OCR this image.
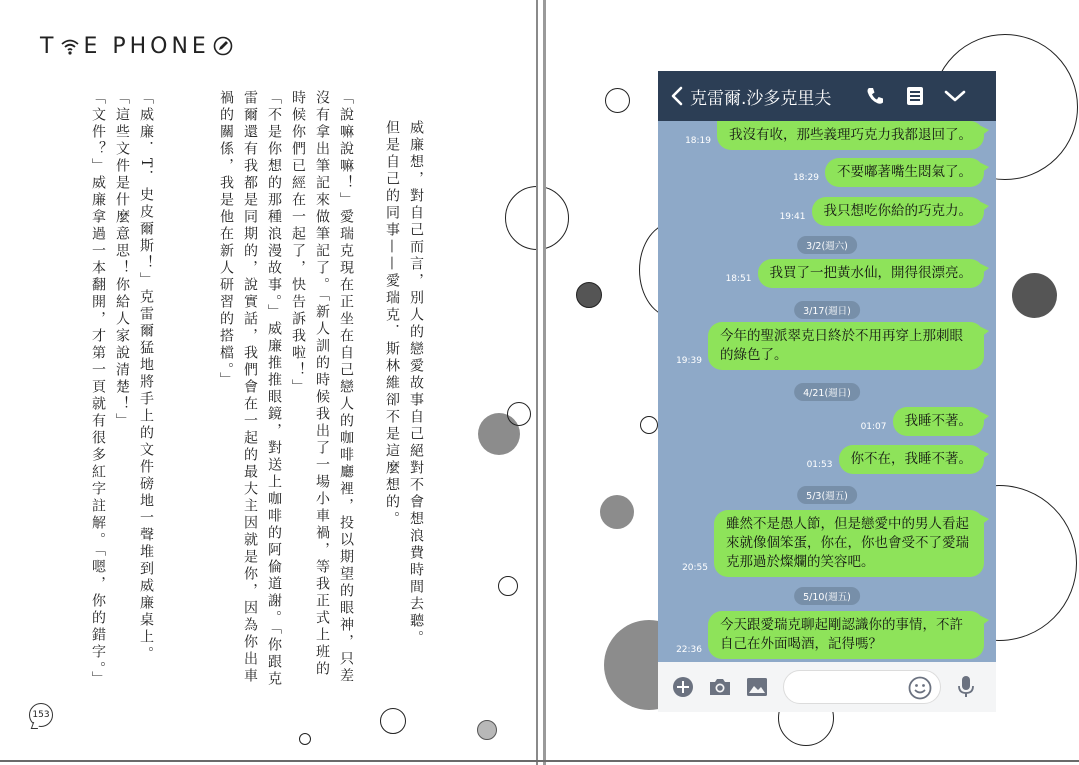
T E PHONE
威廉想，對自己而言，別人的戀愛故事自己絕對不會想浪費時間去聽。
但是自己的同事——愛瑞克．斯林維卻不是這麼想的。
「說嘛說嘛！」愛瑞克現在正坐在自己戀人的咖啡廳裡，投以期望的眼神，只差沒有拿出筆記來做筆記了。「新人訓的時候我出了一場小車禍，等我正式上班的時候你們已經在一起了，快告訴我啦！」
「不是你想的那種浪漫故事。」威廉推推眼鏡，對送上咖啡的阿倫道謝。「你跟克雷爾還有我都是同期的，說實話，我們會在一起的最大主因就是你，因為你出車禍的關係，我是他在新人研習的搭檔。」
「威廉．T．史皮爾斯！」克雷爾猛地將手上的文件磅地一聲堆到威廉桌上。「這些文件是什麼意思！你給人家說清楚！」
「文件？」威廉拿過一本翻開，才第一頁就有很多紅字註解。「嗯，你的錯字。」
153
克雷爾.沙多克里夫
18:19	我沒有收，那些義理巧克力我都退回了。
18:29	不要嘟著嘴生悶氣了。
19:41	我只想吃你給的巧克力。
3/2(週六)
18:51	我買了一把黃水仙，開得很漂亮。
3/17(週日)
19:39
今年的聖派翠克日終於不用再穿上那刺眼的綠色了。
4/21(週日)
01:07	我睡不著。
01:53	你不在，我睡不著。
5/3(週五)
20:55
雖然不是愚人節，但是戀愛中的男人看起來就像個笨蛋，你在，你也會受不了愛瑞克那過於燦爛的笑容吧。
5/10(週五)
22:36
今天跟愛瑞克聊起剛認識你的事情，不許自己在外面喝酒，記得嗎？
